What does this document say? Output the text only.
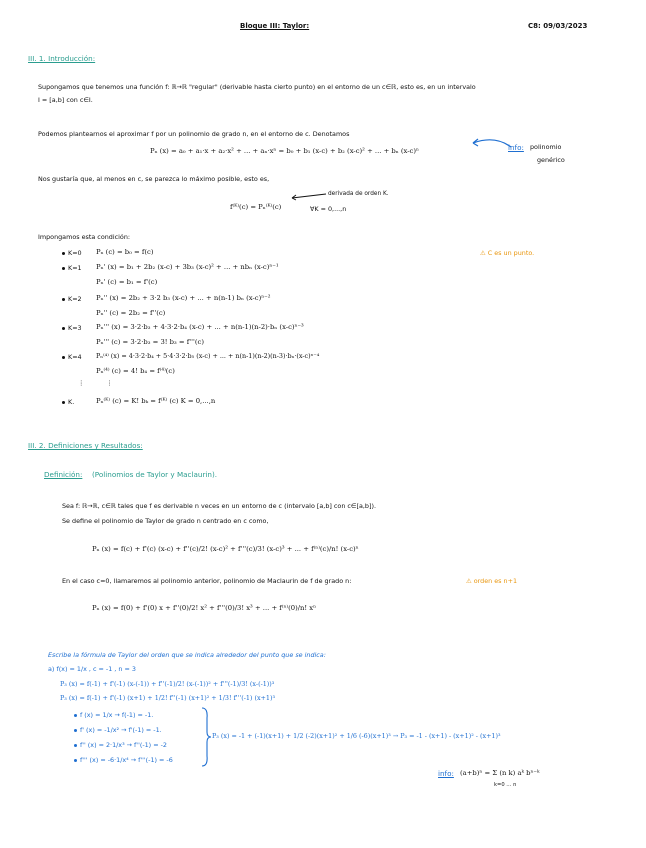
Bloque III: Taylor:	C8: 09/03/2023
III. 1. Introducción:
Supongamos que tenemos una función f: ℝ→ℝ "regular" (derivable hasta cierto punto) en el entorno de un c∈ℝ, esto es, en un intervalo
I = [a,b] con c∈I.
Podemos plantearnos el aproximar f por un polinomio de grado n, en el entorno de c. Denotamos
Pₙ (x) = a₀ + a₁·x + a₂·x² + ... + aₙ·xⁿ = b₀ + b₁ (x-c) + b₂ (x-c)² + ... + bₙ (x-c)ⁿ	info: polinomio
genérico
Nos gustaría que, al menos en c, se parezca lo máximo posible, esto es,
derivada de orden K.
f⁽ᴷ⁾(c) = Pₙ⁽ᴷ⁾(c)	∀K = 0,...,n
Impongamos esta condición:
⚠ C es un punto.
K=0 Pₙ (c) = b₀ = f(c)
K=1 Pₙ' (x) = b₁ + 2b₂ (x-c) + 3b₃ (x-c)² + ... + nbₙ (x-c)ⁿ⁻¹
Pₙ' (c) = b₁ = f'(c)
K=2 Pₙ'' (x) = 2b₂ + 3·2 b₃ (x-c) + ... + n(n-1) bₙ (x-c)ⁿ⁻²
Pₙ'' (c) = 2b₂ = f''(c)
K=3 Pₙ''' (x) = 3·2·b₃ + 4·3·2·b₄ (x-c) + ... + n(n-1)(n-2)·bₙ (x-c)ⁿ⁻³
Pₙ''' (c) = 3·2·b₃ = 3! b₃ = f'''(c)
K=4 Pₙ⁽⁴⁾ (x) = 4·3·2·b₄ + 5·4·3·2·b₅ (x-c) + ... + n(n-1)(n-2)(n-3)·bₙ·(x-c)ⁿ⁻⁴
Pₙ⁽⁴⁾ (c) = 4! b₄ = f⁽⁴⁾(c)
⋮	⋮
K.	Pₙ⁽ᴷ⁾ (c) = K! bₖ = f⁽ᴷ⁾ (c) K = 0,...,n
III. 2. Definiciones y Resultados:
Definición: (Polinomios de Taylor y Maclaurin).
Sea f: ℝ→ℝ, c∈ℝ tales que f es derivable n veces en un entorno de c (intervalo [a,b] con c∈[a,b]).
Se define el polinomio de Taylor de grado n centrado en c como,
Pₙ (x) = f(c) + f'(c) (x-c) + f''(c)/2! (x-c)² + f'''(c)/3! (x-c)³ + ... + f⁽ⁿ⁾(c)/n! (x-c)ⁿ
En el caso c=0, llamaremos al polinomio anterior, polinomio de Maclaurin de f de grado n:	⚠ orden es n+1
Pₙ (x) = f(0) + f'(0) x + f''(0)/2! x² + f'''(0)/3! x³ + ... + f⁽ⁿ⁾(0)/n! xⁿ
Escribe la fórmula de Taylor del orden que se indica alrededor del punto que se indica:
a) f(x) = 1/x , c = -1 , n = 3
P₃ (x) = f(-1) + f'(-1) (x-(-1)) + f''(-1)/2! (x-(-1))² + f'''(-1)/3! (x-(-1))³
P₃ (x) = f(-1) + f'(-1) (x+1) + 1/2! f''(-1) (x+1)² + 1/3! f'''(-1) (x+1)³
f (x) = 1/x → f(-1) = -1.
f' (x) = -1/x² → f'(-1) = -1.
f'' (x) = 2·1/x³ → f''(-1) = -2
f''' (x) = -6·1/x⁴ → f'''(-1) = -6
P₃ (x) = -1 + (-1)(x+1) + 1/2 (-2)(x+1)² + 1/6 (-6)(x+1)³ → P₃ = -1 - (x+1) - (x+1)² - (x+1)³
info: (a+b)ⁿ = Σ (n k) aᵏ bⁿ⁻ᵏ
k=0 … n
